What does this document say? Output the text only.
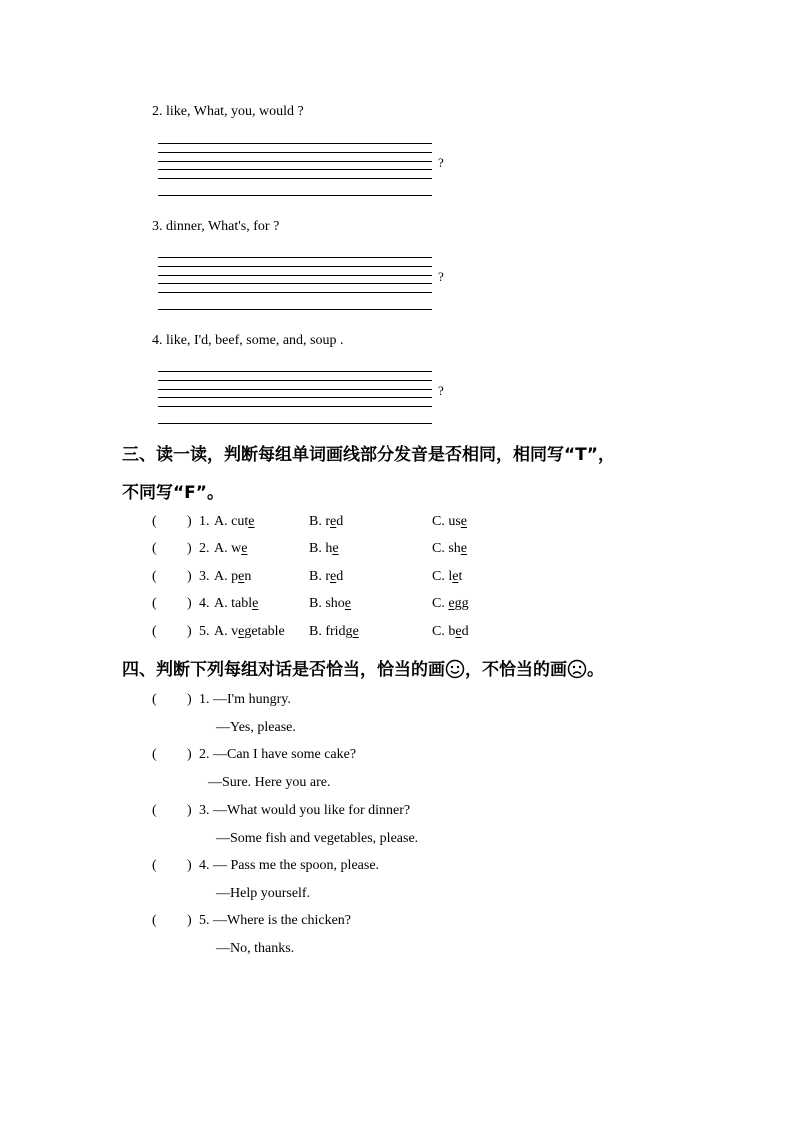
2. like, What, you, would ?
?
3. dinner, What's, for ?
?
4. like, I'd, beef, some, and, soup .
?
三、读一读，判断每组单词画线部分发音是否相同，相同写“T”，
不同写“F”。
( ) 1. A. cute	B. red	C. use
( ) 2. A. we	B. he	C. she
( ) 3. A. pen	B. red	C. let
( ) 4. A. table	B. shoe	C. egg
( ) 5. A. vegetable B. fridge	C. bed
四、判断下列每组对话是否恰当，恰当的画 ，不恰当的画 。
( ) 1. —I'm hungry.
—Yes, please.
( ) 2. —Can I have some cake?
—Sure. Here you are.
( ) 3. —What would you like for dinner?
—Some fish and vegetables, please.
( ) 4. — Pass me the spoon, please.
—Help yourself.
( ) 5. —Where is the chicken?
—No, thanks.
